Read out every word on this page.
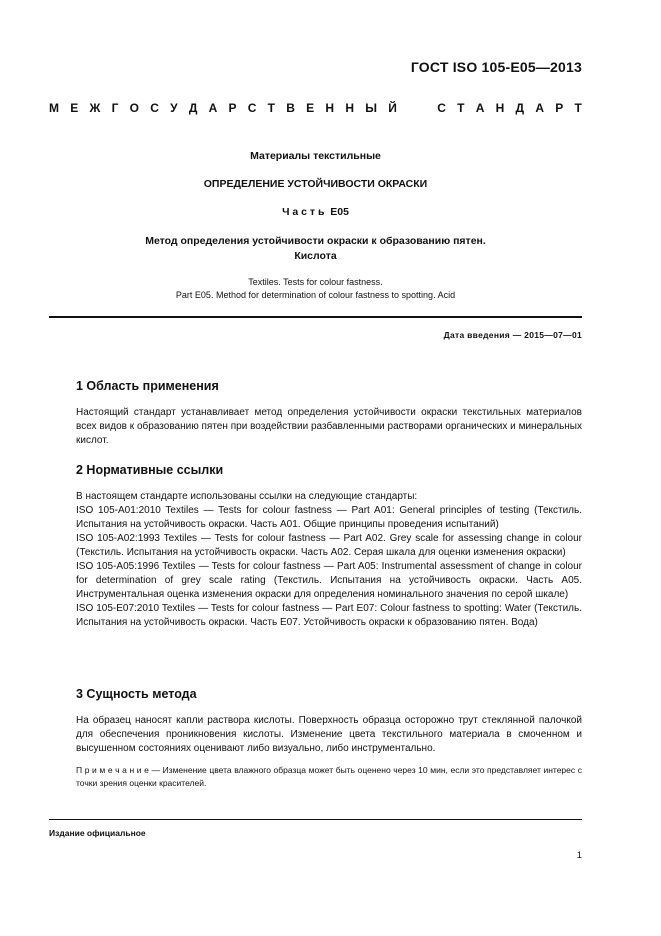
ГОСТ ISO 105-E05—2013
М Е Ж Г О С У Д А Р С Т В Е Н Н Ы Й

	С Т А Н Д А Р Т
Материалы текстильные
ОПРЕДЕЛЕНИЕ УСТОЙЧИВОСТИ ОКРАСКИ
Ч а с т ь  Е05
Метод определения устойчивости окраски к образованию пятен.
Кислота
Textiles. Tests for colour fastness.
Part E05. Method for determination of colour fastness to spotting. Acid
Дата введения — 2015—07—01
1 Область применения
Настоящий стандарт устанавливает метод определения устойчивости окраски текстильных материалов всех видов к образованию пятен при воздействии разбавленными растворами органических и минеральных кислот.
2 Нормативные ссылки
В настоящем стандарте использованы ссылки на следующие стандарты:
ISO 105-A01:2010 Textiles — Tests for colour fastness — Part A01: General principles of testing (Текстиль. Испытания на устойчивость окраски. Часть А01. Общие принципы проведения испытаний)
ISO 105-A02:1993 Textiles — Tests for colour fastness — Part A02. Grey scale for assessing change in colour (Текстиль. Испытания на устойчивость окраски. Часть А02. Серая шкала для оценки изменения окраски)
ISO 105-A05:1996 Textiles — Tests for colour fastness — Part A05: Instrumental assessment of change in colour for determination of grey scale rating (Текстиль. Испытания на устойчивость окраски. Часть А05. Инструментальная оценка изменения окраски для определения номинального значения по серой шкале)
ISO 105-E07:2010 Textiles — Tests for colour fastness — Part E07: Colour fastness to spotting: Water (Текстиль. Испытания на устойчивость окраски. Часть Е07. Устойчивость окраски к образованию пятен. Вода)
3 Сущность метода
На образец наносят капли раствора кислоты. Поверхность образца осторожно трут стеклянной палочкой для обеспечения проникновения кислоты. Изменение цвета текстильного материала в смоченном и высушенном состояниях оценивают либо визуально, либо инструментально.
П р и м е ч а н и е — Изменение цвета влажного образца может быть оценено через 10 мин, если это представляет интерес с точки зрения оценки красителей.
Издание официальное
1
